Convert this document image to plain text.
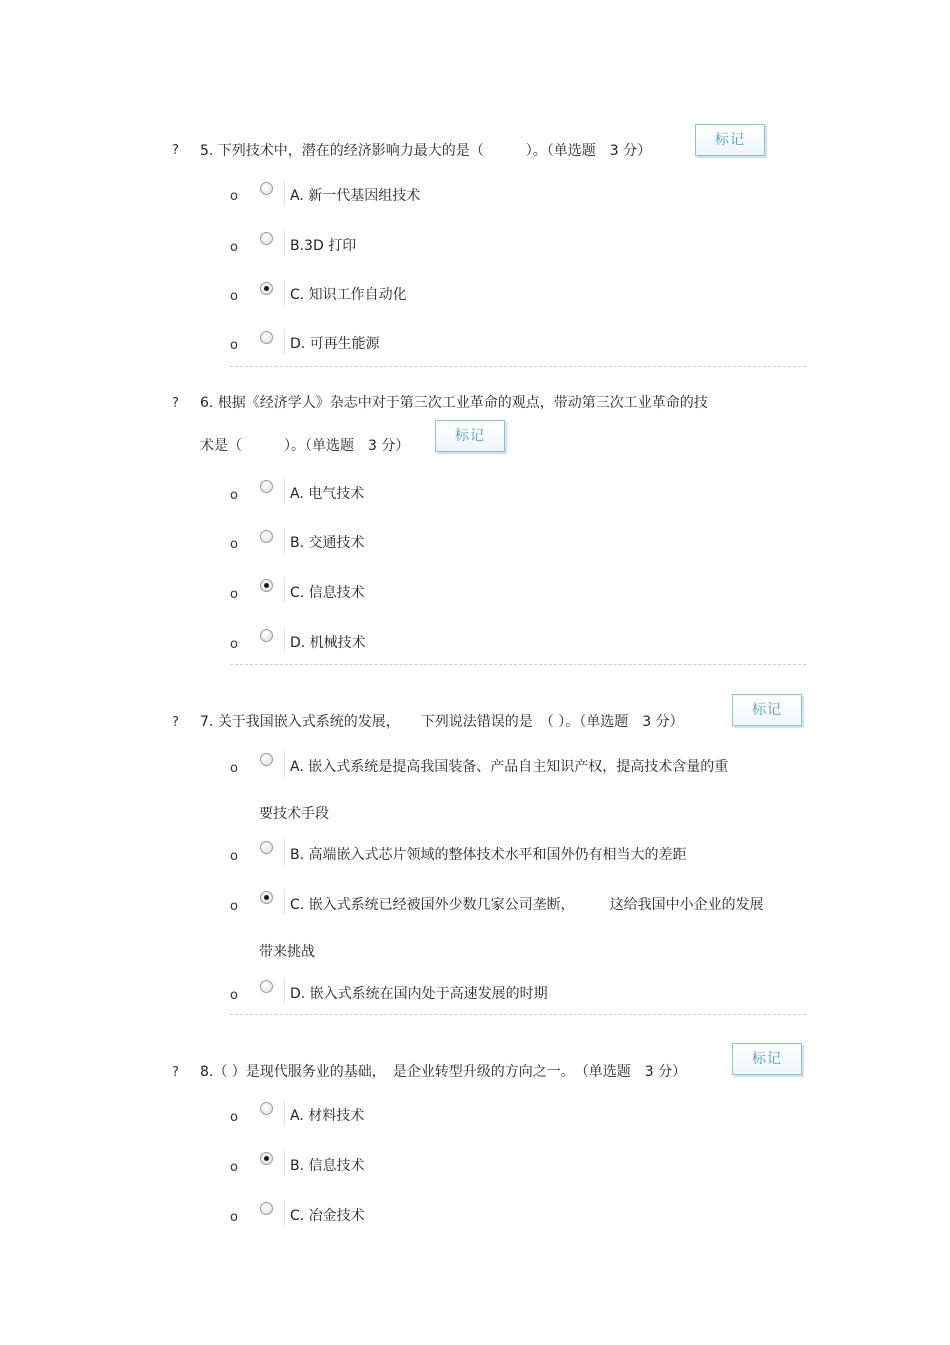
? 5. 下列技术中，潜在的经济影响力最大的是（　　　）。（单选题　3 分）
标记
o	A. 新一代基因组技术
o	B.3D 打印
o	C. 知识工作自动化
o	D. 可再生能源
? 6. 根据《经济学人》杂志中对于第三次工业革命的观点，带动第三次工业革命的技
术是（　　　）。（单选题　3 分）
标记
o	A. 电气技术
o	B. 交通技术
o	C. 信息技术
o	D. 机械技术
? 7. 关于我国嵌入式系统的发展，　　下列说法错误的是　（ ）。（单选题　3 分）
标记
o	A. 嵌入式系统是提高我国装备、产品自主知识产权，提高技术含量的重
要技术手段
o	B. 高端嵌入式芯片领域的整体技术水平和国外仍有相当大的差距
o	C. 嵌入式系统已经被国外少数几家公司垄断，　　　这给我国中小企业的发展
带来挑战
o	D. 嵌入式系统在国内处于高速发展的时期
? 8.（ ）是现代服务业的基础，　是企业转型升级的方向之一。　（单选题　3 分）
标记
o	A. 材料技术
o	B. 信息技术
o	C. 冶金技术
